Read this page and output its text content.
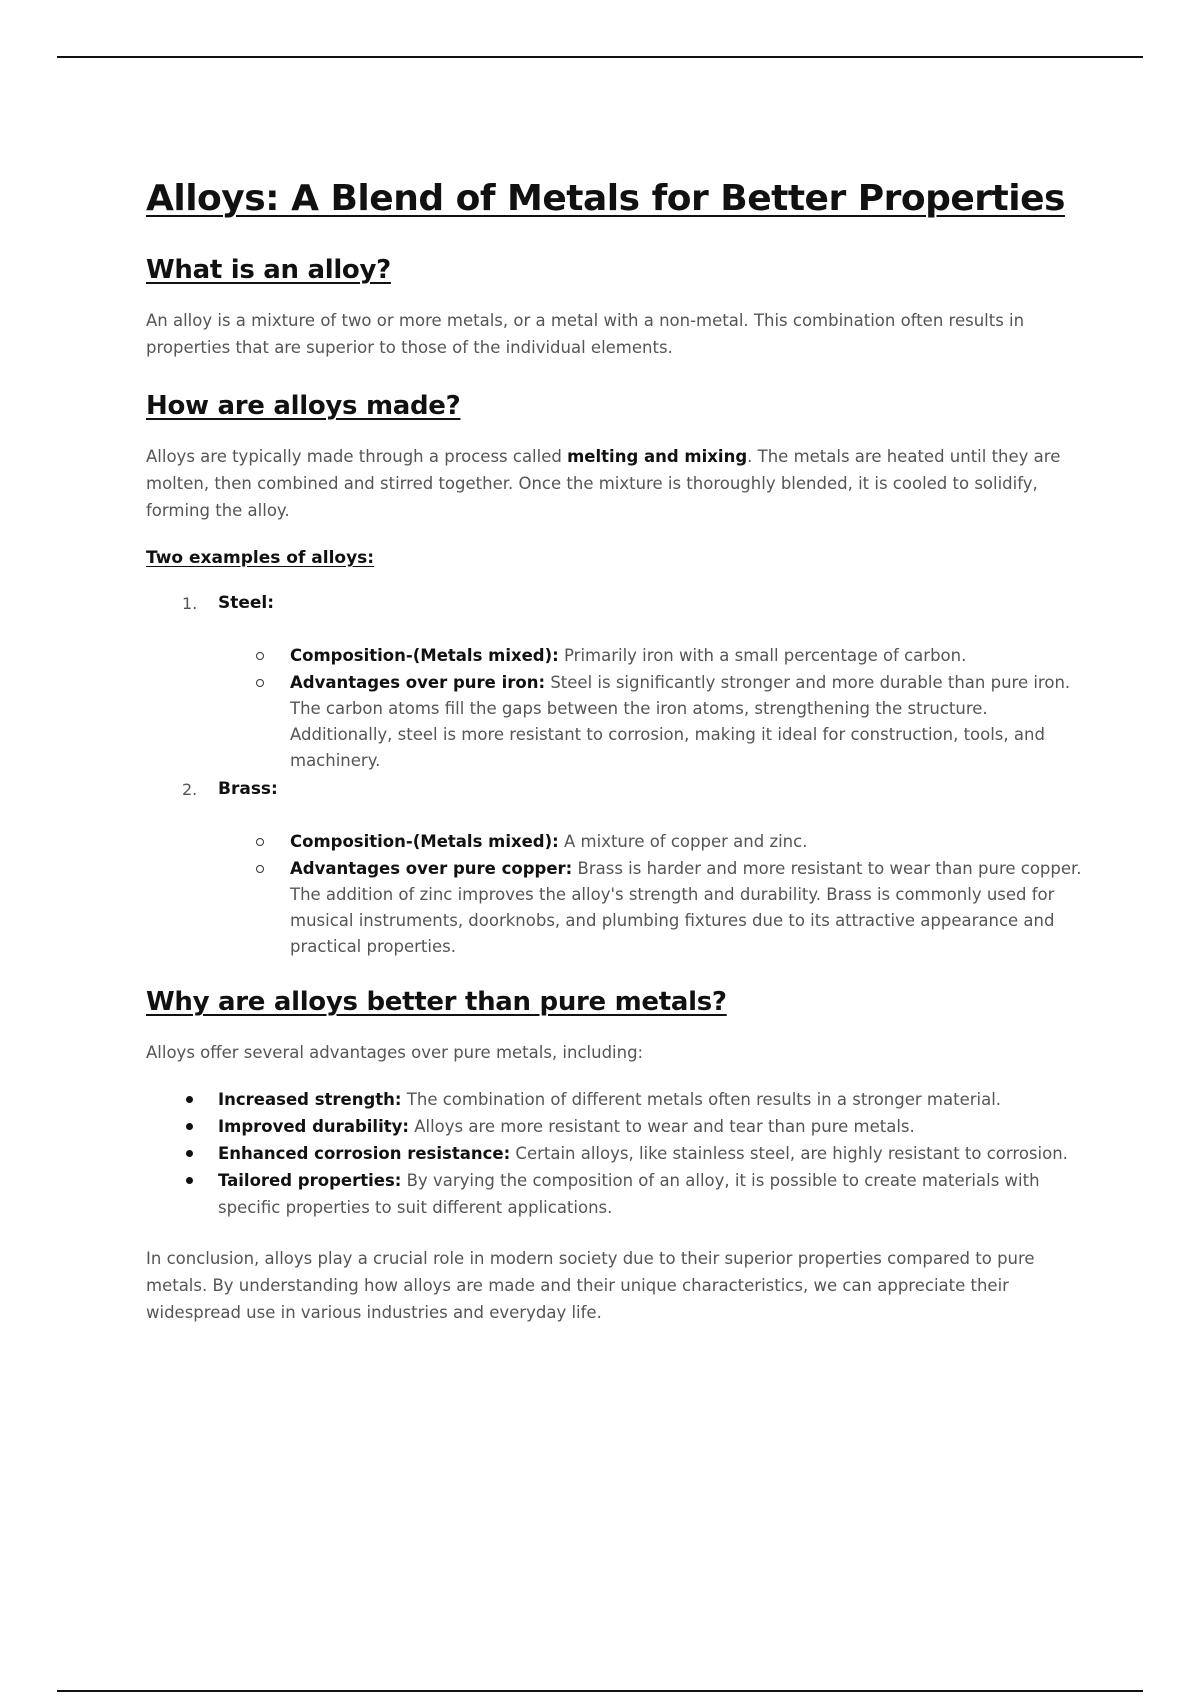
Alloys: A Blend of Metals for Better Properties
What is an alloy?

An alloy is a mixture of two or more metals, or a metal with a non-metal. This combination often results in properties that are superior to those of the individual elements.

How are alloys made?

Alloys are typically made through a process called melting and mixing. The metals are heated until they are molten, then combined and stirred together. Once the mixture is thoroughly blended, it is cooled to solidify, forming the alloy.

Two examples of alloys:
1. Steel:
Composition-(Metals mixed): Primarily iron with a small percentage of carbon.
Advantages over pure iron: Steel is significantly stronger and more durable than pure iron. The carbon atoms fill the gaps between the iron atoms, strengthening the structure. Additionally, steel is more resistant to corrosion, making it ideal for construction, tools, and machinery.
2. Brass:
Composition-(Metals mixed): A mixture of copper and zinc.
Advantages over pure copper: Brass is harder and more resistant to wear than pure copper. The addition of zinc improves the alloy's strength and durability. Brass is commonly used for musical instruments, doorknobs, and plumbing fixtures due to its attractive appearance and practical properties.
Why are alloys better than pure metals?

Alloys offer several advantages over pure metals, including:

Increased strength: The combination of different metals often results in a stronger material.
Improved durability: Alloys are more resistant to wear and tear than pure metals.
Enhanced corrosion resistance: Certain alloys, like stainless steel, are highly resistant to corrosion.
Tailored properties: By varying the composition of an alloy, it is possible to create materials with specific properties to suit different applications.

In conclusion, alloys play a crucial role in modern society due to their superior properties compared to pure metals. By understanding how alloys are made and their unique characteristics, we can appreciate their widespread use in various industries and everyday life.
